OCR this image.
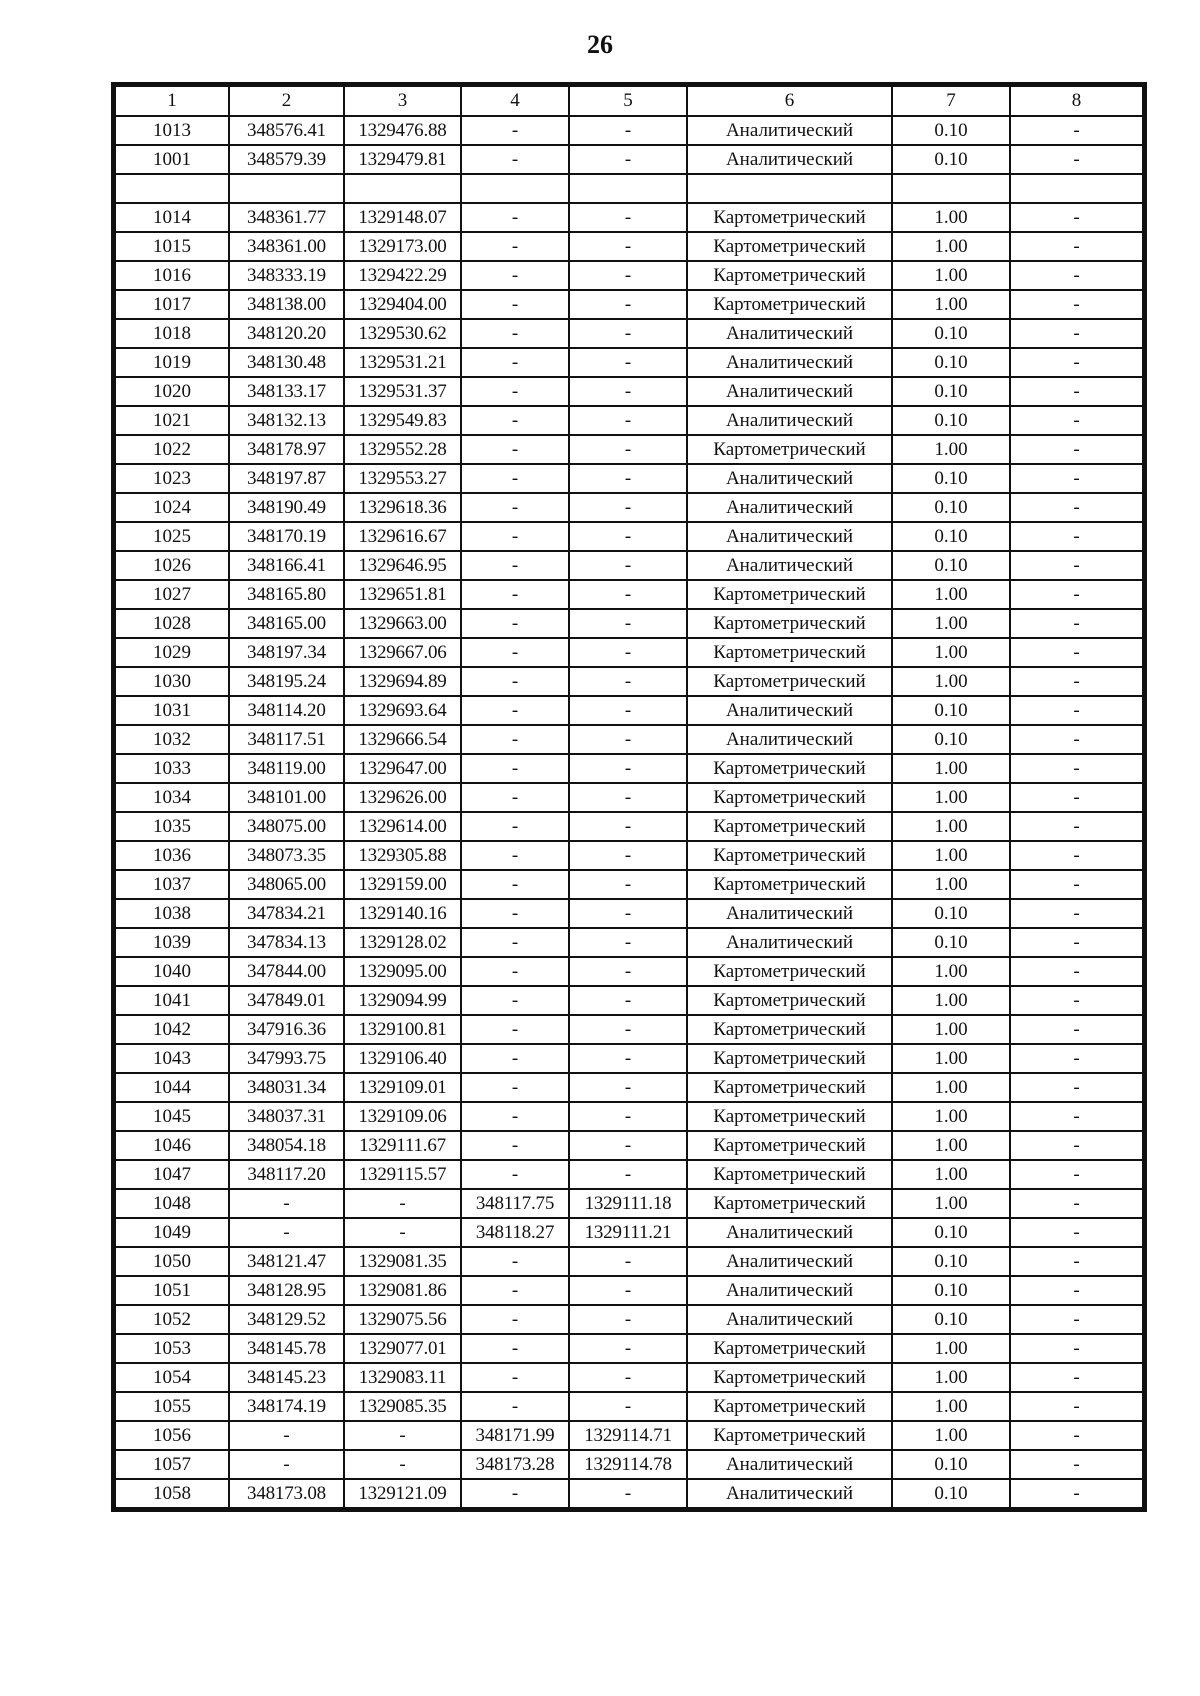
26
1	2	3	4	5	6	7	8
1013	348576.41	1329476.88	-	-	Аналитический	0.10	-
1001	348579.39	1329479.81	-	-	Аналитический	0.10	-

1014	348361.77	1329148.07	-	-	Картометрический	1.00	-
1015	348361.00	1329173.00	-	-	Картометрический	1.00	-
1016	348333.19	1329422.29	-	-	Картометрический	1.00	-
1017	348138.00	1329404.00	-	-	Картометрический	1.00	-
1018	348120.20	1329530.62	-	-	Аналитический	0.10	-
1019	348130.48	1329531.21	-	-	Аналитический	0.10	-
1020	348133.17	1329531.37	-	-	Аналитический	0.10	-
1021	348132.13	1329549.83	-	-	Аналитический	0.10	-
1022	348178.97	1329552.28	-	-	Картометрический	1.00	-
1023	348197.87	1329553.27	-	-	Аналитический	0.10	-
1024	348190.49	1329618.36	-	-	Аналитический	0.10	-
1025	348170.19	1329616.67	-	-	Аналитический	0.10	-
1026	348166.41	1329646.95	-	-	Аналитический	0.10	-
1027	348165.80	1329651.81	-	-	Картометрический	1.00	-
1028	348165.00	1329663.00	-	-	Картометрический	1.00	-
1029	348197.34	1329667.06	-	-	Картометрический	1.00	-
1030	348195.24	1329694.89	-	-	Картометрический	1.00	-
1031	348114.20	1329693.64	-	-	Аналитический	0.10	-
1032	348117.51	1329666.54	-	-	Аналитический	0.10	-
1033	348119.00	1329647.00	-	-	Картометрический	1.00	-
1034	348101.00	1329626.00	-	-	Картометрический	1.00	-
1035	348075.00	1329614.00	-	-	Картометрический	1.00	-
1036	348073.35	1329305.88	-	-	Картометрический	1.00	-
1037	348065.00	1329159.00	-	-	Картометрический	1.00	-
1038	347834.21	1329140.16	-	-	Аналитический	0.10	-
1039	347834.13	1329128.02	-	-	Аналитический	0.10	-
1040	347844.00	1329095.00	-	-	Картометрический	1.00	-
1041	347849.01	1329094.99	-	-	Картометрический	1.00	-
1042	347916.36	1329100.81	-	-	Картометрический	1.00	-
1043	347993.75	1329106.40	-	-	Картометрический	1.00	-
1044	348031.34	1329109.01	-	-	Картометрический	1.00	-
1045	348037.31	1329109.06	-	-	Картометрический	1.00	-
1046	348054.18	1329111.67	-	-	Картометрический	1.00	-
1047	348117.20	1329115.57	-	-	Картометрический	1.00	-
1048	-	-	348117.75	1329111.18	Картометрический	1.00	-
1049	-	-	348118.27	1329111.21	Аналитический	0.10	-
1050	348121.47	1329081.35	-	-	Аналитический	0.10	-
1051	348128.95	1329081.86	-	-	Аналитический	0.10	-
1052	348129.52	1329075.56	-	-	Аналитический	0.10	-
1053	348145.78	1329077.01	-	-	Картометрический	1.00	-
1054	348145.23	1329083.11	-	-	Картометрический	1.00	-
1055	348174.19	1329085.35	-	-	Картометрический	1.00	-
1056	-	-	348171.99	1329114.71	Картометрический	1.00	-
1057	-	-	348173.28	1329114.78	Аналитический	0.10	-
1058	348173.08	1329121.09	-	-	Аналитический	0.10	-
